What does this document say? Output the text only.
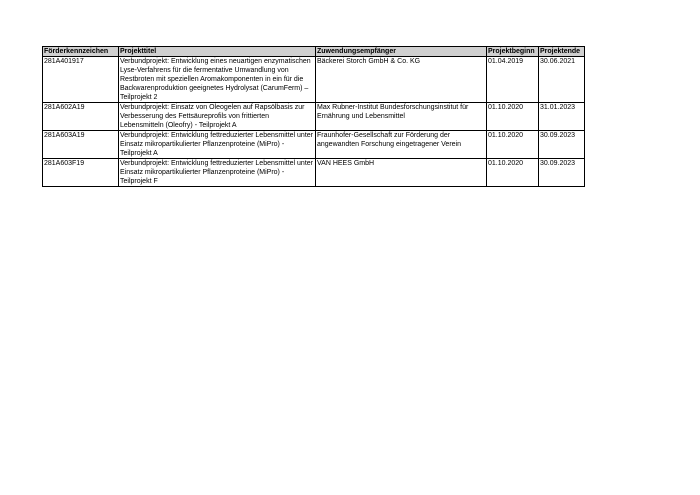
Förderkennzeichen	Projekttitel	Zuwendungsempfänger	Projektbeginn	Projektende
281A401917	Verbundprojekt: Entwicklung eines neuartigen enzymatischen Lyse-Verfahrens für die fermentative Umwandlung von Restbroten mit speziellen Aromakomponenten in ein für die Backwarenproduktion geeignetes Hydrolysat (CarumFerm) – Teilprojekt 2	Bäckerei Storch GmbH & Co. KG	01.04.2019	30.06.2021
281A602A19	Verbundprojekt: Einsatz von Oleogelen auf Rapsölbasis zur Verbesserung des Fettsäureprofils von frittierten Lebensmitteln (Oleofry) - Teilprojekt A	Max Rubner-Institut Bundesforschungsinstitut für Ernährung und Lebensmittel	01.10.2020	31.01.2023
281A603A19	Verbundprojekt: Entwicklung fettreduzierter Lebensmittel unter Einsatz mikropartikulierter Pflanzenproteine (MiPro) - Teilprojekt A	Fraunhofer-Gesellschaft zur Förderung der angewandten Forschung eingetragener Verein	01.10.2020	30.09.2023
281A603F19	Verbundprojekt: Entwicklung fettreduzierter Lebensmittel unter Einsatz mikropartikulierter Pflanzenproteine (MiPro) - Teilprojekt F	VAN HEES GmbH	01.10.2020	30.09.2023
